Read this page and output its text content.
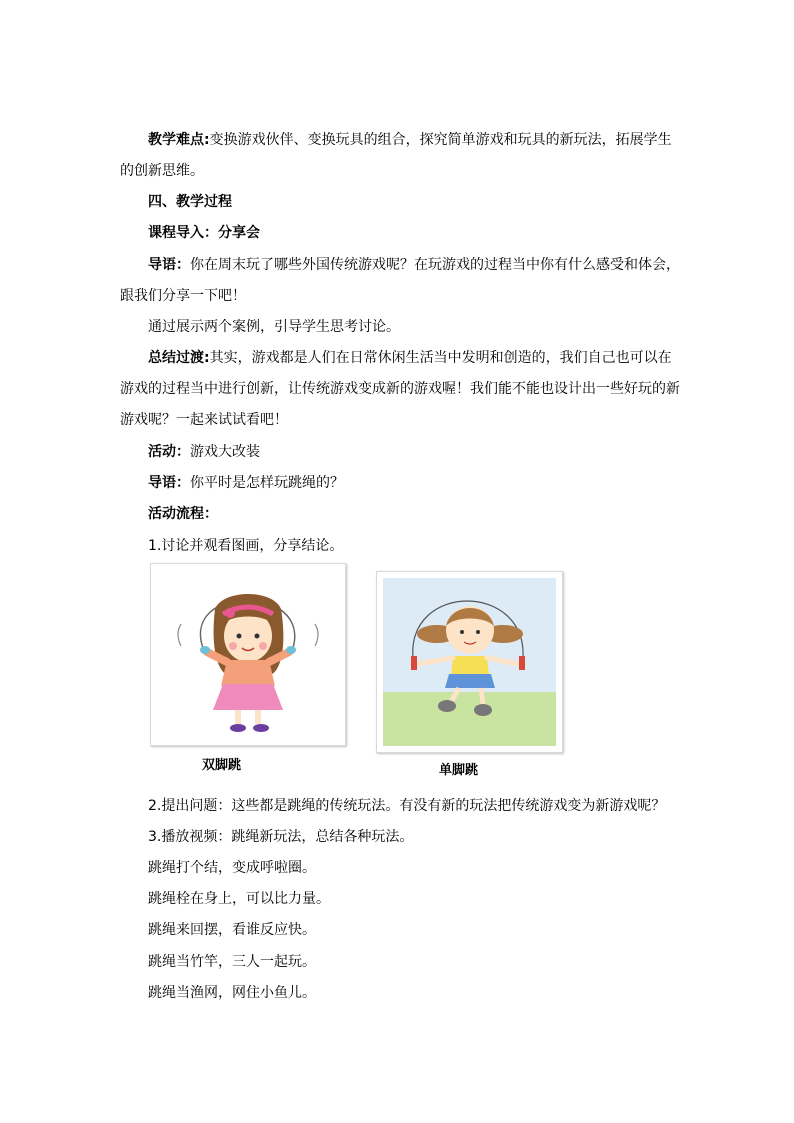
教学难点:变换游戏伙伴、变换玩具的组合，探究简单游戏和玩具的新玩法，拓展学生
的创新思维。
四、教学过程
课程导入：分享会
导语：你在周末玩了哪些外国传统游戏呢？在玩游戏的过程当中你有什么感受和体会，
跟我们分享一下吧！
通过展示两个案例，引导学生思考讨论。
总结过渡:其实，游戏都是人们在日常休闲生活当中发明和创造的，我们自己也可以在
游戏的过程当中进行创新，让传统游戏变成新的游戏喔！我们能不能也设计出一些好玩的新
游戏呢？一起来试试看吧！
活动：游戏大改装
导语：你平时是怎样玩跳绳的？
活动流程：
1.讨论并观看图画，分享结论。
双脚跳	单脚跳
2.提出问题：这些都是跳绳的传统玩法。有没有新的玩法把传统游戏变为新游戏呢？
3.播放视频：跳绳新玩法，总结各种玩法。
跳绳打个结，变成呼啦圈。
跳绳栓在身上，可以比力量。
跳绳来回摆，看谁反应快。
跳绳当竹竿，三人一起玩。
跳绳当渔网，网住小鱼儿。
